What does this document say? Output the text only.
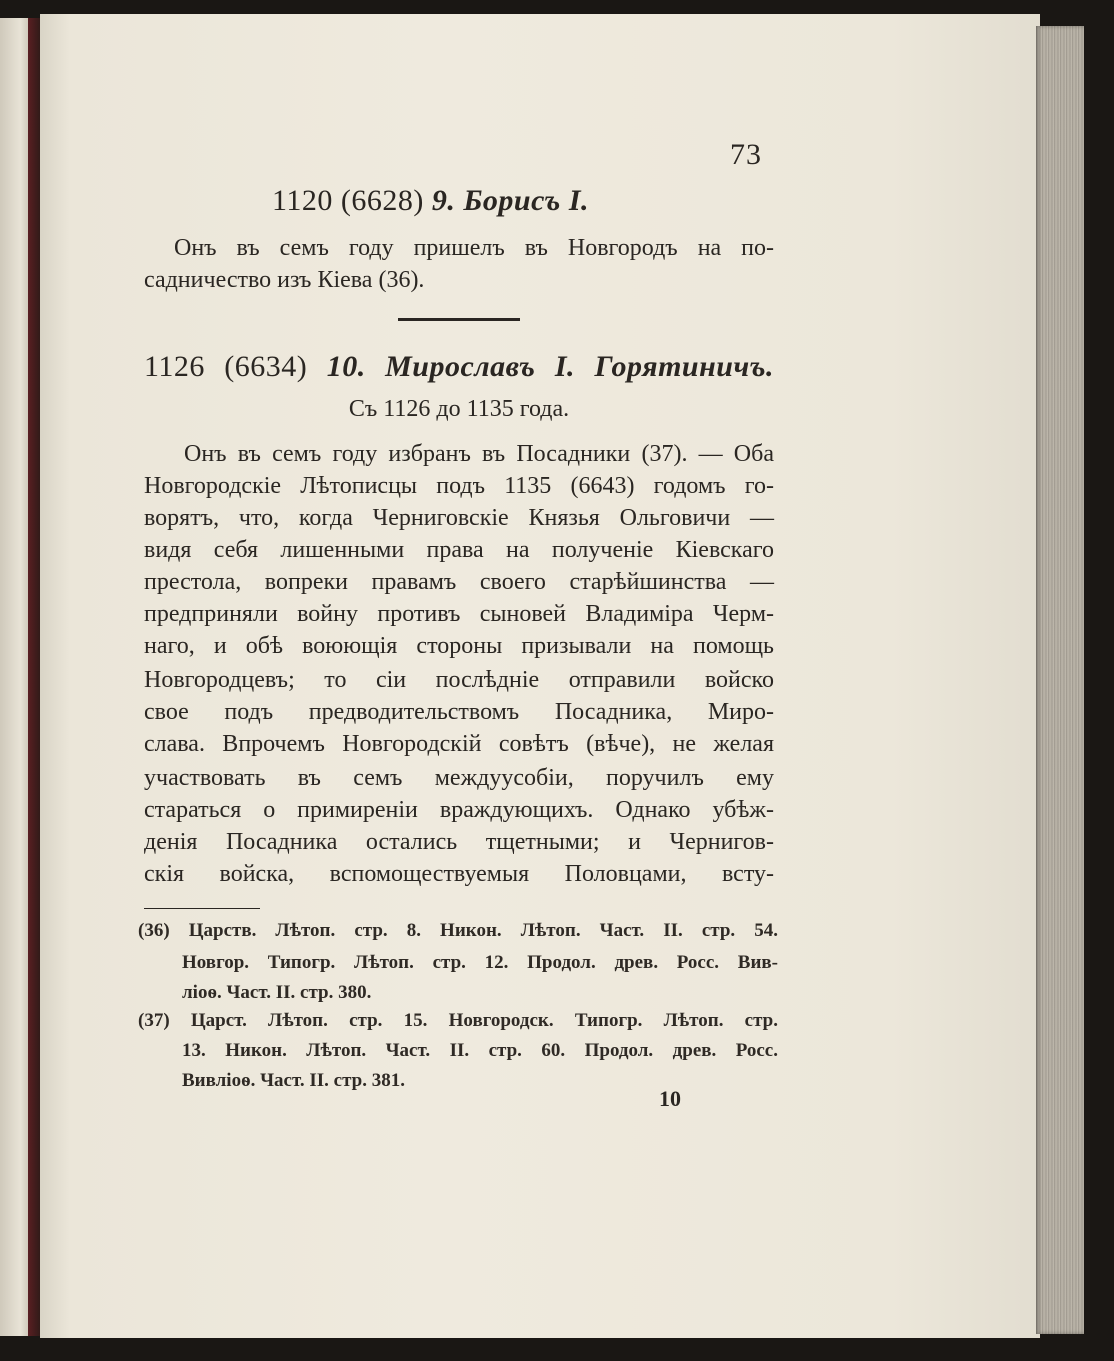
73
1120 (6628) 9. Борисъ I.
Онъ въ семъ году пришелъ въ Новгородъ на по-
садничество изъ Кіева (36).
1126 (6634) 10. Мирославъ I. Горятиничъ.
Съ 1126 до 1135 года.
Онъ въ семъ году избранъ въ Посадники (37). — Оба
Новгородскіе Лѣтописцы подъ 1135 (6643) годомъ го-
ворятъ, что, когда Черниговскіе Князья Ольговичи —
видя себя лишенными права на полученіе Кіевскаго
престола, вопреки правамъ своего старѣйшинства —
предприняли войну противъ сыновей Владиміра Черм-
наго, и обѣ воюющія стороны призывали на помощь
Новгородцевъ; то сіи послѣдніе отправили войско
свое подъ предводительствомъ Посадника, Миро-
слава. Впрочемъ Новгородскій совѣтъ (вѣче), не желая
участвовать въ семъ междуусобіи, поручилъ ему
стараться о примиреніи враждующихъ. Однако убѣж-
денія Посадника остались тщетными; и Чернигов-
скія войска, вспомоществуемыя Половцами, всту-
(36) Царств. Лѣтоп. стр. 8. Никон. Лѣтоп. Част. II. стр. 54.
Новгор. Типогр. Лѣтоп. стр. 12. Продол. древ. Росс. Вив-
ліоѳ. Част. II. стр. 380.
(37) Царст. Лѣтоп. стр. 15. Новгородск. Типогр. Лѣтоп. стр.
13. Никон. Лѣтоп. Част. II. стр. 60. Продол. древ. Росс.
Вивліоѳ. Част. II. стр. 381.
10
